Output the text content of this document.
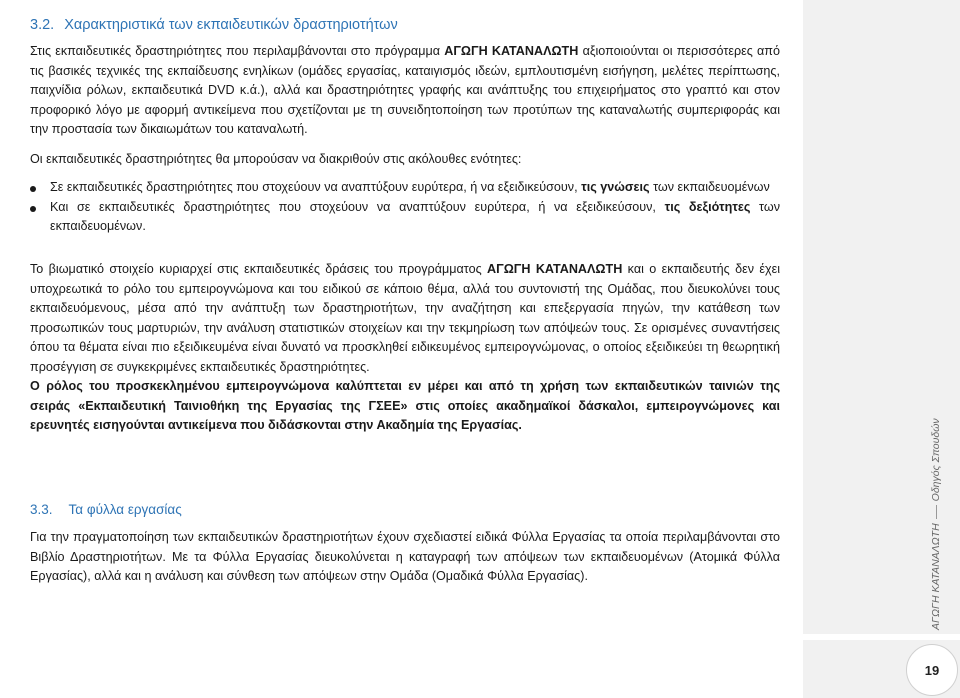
3.2. Χαρακτηριστικά των εκπαιδευτικών δραστηριοτήτων

Στις εκπαιδευτικές δραστηριότητες που περιλαμβάνονται στο πρόγραμμα ΑΓΩΓΗ ΚΑΤΑΝΑΛΩΤΗ αξιοποιούνται οι περισσότερες από τις βασικές τεχνικές της εκπαίδευσης ενηλίκων (ομάδες εργασίας, καταιγισμός ιδεών, εμπλουτισμένη εισήγηση, μελέτες περίπτωσης, παιχνίδια ρόλων, εκπαιδευτικά DVD κ.ά.), αλλά και δραστηριότητες γραφής και ανάπτυξης του επιχειρήματος στο γραπτό και στον προφορικό λόγο με αφορμή αντικείμενα που σχετίζονται με τη συνειδητοποίηση των προτύπων της καταναλωτής συμπεριφοράς και την προστασία των δικαιωμάτων του καταναλωτή.

Οι εκπαιδευτικές δραστηριότητες θα μπορούσαν να διακριθούν στις ακόλουθες ενότητες:

Σε εκπαιδευτικές δραστηριότητες που στοχεύουν να αναπτύξουν ευρύτερα, ή να εξειδικεύσουν, τις γνώσεις των εκπαιδευομένων
Και σε εκπαιδευτικές δραστηριότητες που στοχεύουν να αναπτύξουν ευρύτερα, ή να εξειδικεύσουν, τις δεξιότητες των εκπαιδευομένων.

Το βιωματικό στοιχείο κυριαρχεί στις εκπαιδευτικές δράσεις του προγράμματος ΑΓΩΓΗ ΚΑΤΑΝΑΛΩΤΗ και ο εκπαιδευτής δεν έχει υποχρεωτικά το ρόλο του εμπειρογνώμονα και του ειδικού σε κάποιο θέμα, αλλά του συντονιστή της Ομάδας, που διευκολύνει τους εκπαιδευόμενους, μέσα από την ανάπτυξη των δραστηριοτήτων, την αναζήτηση και επεξεργασία πηγών, την κατάθεση των προσωπικών τους μαρτυριών, την ανάλυση στατιστικών στοιχείων και την τεκμηρίωση των απόψεών τους. Σε ορισμένες συναντήσεις όπου τα θέματα είναι πιο εξειδικευμένα είναι δυνατό να προσκληθεί ειδικευμένος εμπειρογνώμονας, ο οποίος εξειδικεύει τη θεωρητική προσέγγιση σε συγκεκριμένες εκπαιδευτικές δραστηριότητες.

Ο ρόλος του προσκεκλημένου εμπειρογνώμονα καλύπτεται εν μέρει και από τη χρήση των εκπαιδευτικών ταινιών της σειράς «Εκπαιδευτική Ταινιοθήκη της Εργασίας της ΓΣΕΕ» στις οποίες ακαδημαϊκοί δάσκαλοι, εμπειρογνώμονες και ερευνητές εισηγούνται αντικείμενα που διδάσκονται στην Ακαδημία της Εργασίας.

3.3. Τα φύλλα εργασίας

Για την πραγματοποίηση των εκπαιδευτικών δραστηριοτήτων έχουν σχεδιαστεί ειδικά Φύλλα Εργασίας τα οποία περιλαμβάνονται στο Βιβλίο Δραστηριοτήτων. Με τα Φύλλα Εργασίας διευκολύνεται η καταγραφή των απόψεων των εκπαιδευομένων (Ατομικά Φύλλα Εργασίας), αλλά και η ανάλυση και σύνθεση των απόψεων στην Ομάδα (Ομαδικά Φύλλα Εργασίας).	ΑΓΩΓΗ ΚΑΤΑΝΑΛΩΤΗΟδηγός Σπουδών
19
